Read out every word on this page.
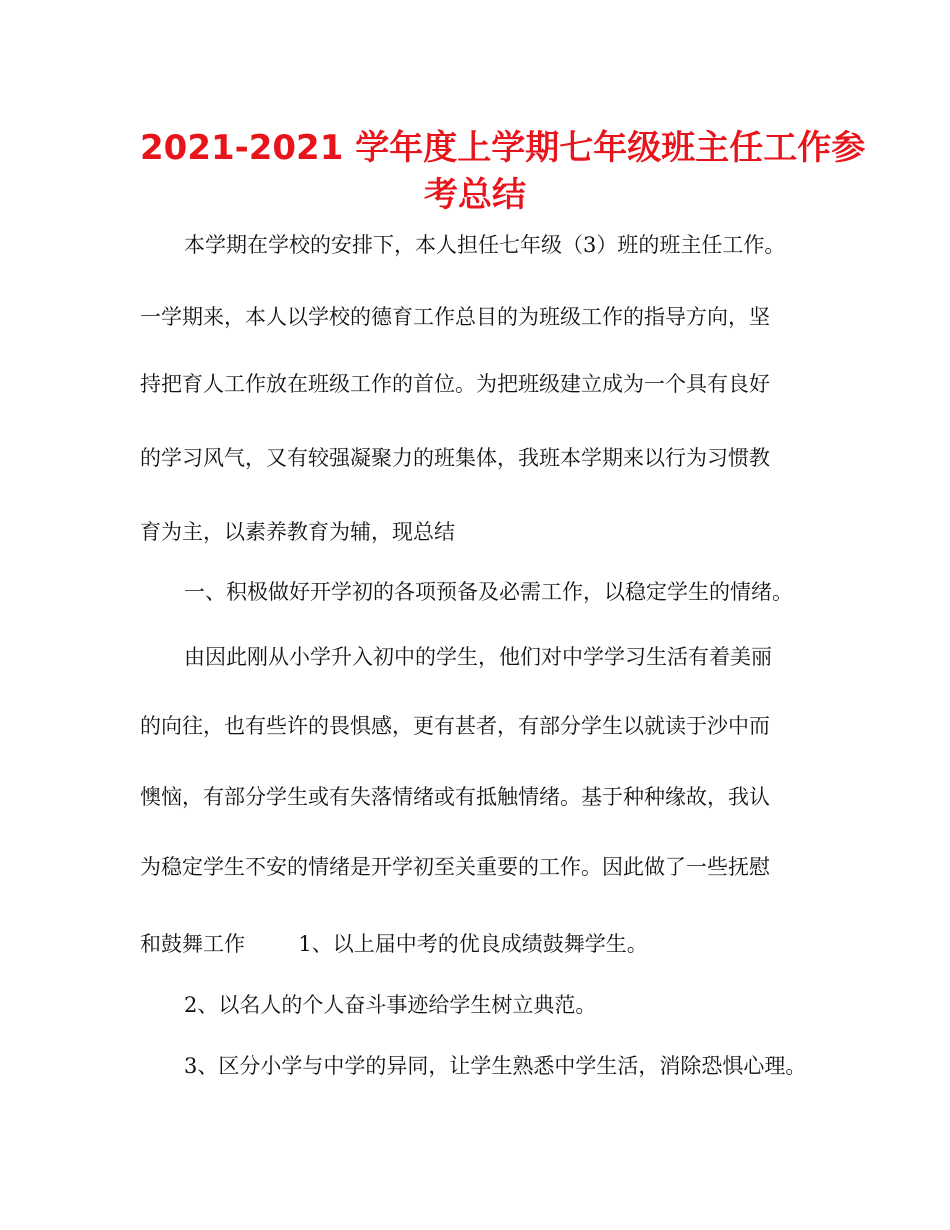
2021-2021 学年度上学期七年级班主任工作参
考总结
本学期在学校的安排下，本人担任七年级（3）班的班主任工作。
一学期来，本人以学校的德育工作总目的为班级工作的指导方向，坚
持把育人工作放在班级工作的首位。为把班级建立成为一个具有良好
的学习风气，又有较强凝聚力的班集体，我班本学期来以行为习惯教
育为主，以素养教育为辅，现总结
一、积极做好开学初的各项预备及必需工作，以稳定学生的情绪。
由因此刚从小学升入初中的学生，他们对中学学习生活有着美丽
的向往，也有些许的畏惧感，更有甚者，有部分学生以就读于沙中而
懊恼，有部分学生或有失落情绪或有抵触情绪。基于种种缘故，我认
为稳定学生不安的情绪是开学初至关重要的工作。因此做了一些抚慰
和鼓舞工作        1、以上届中考的优良成绩鼓舞学生。
2、以名人的个人奋斗事迹给学生树立典范。
3、区分小学与中学的异同，让学生熟悉中学生活，消除恐惧心理。
